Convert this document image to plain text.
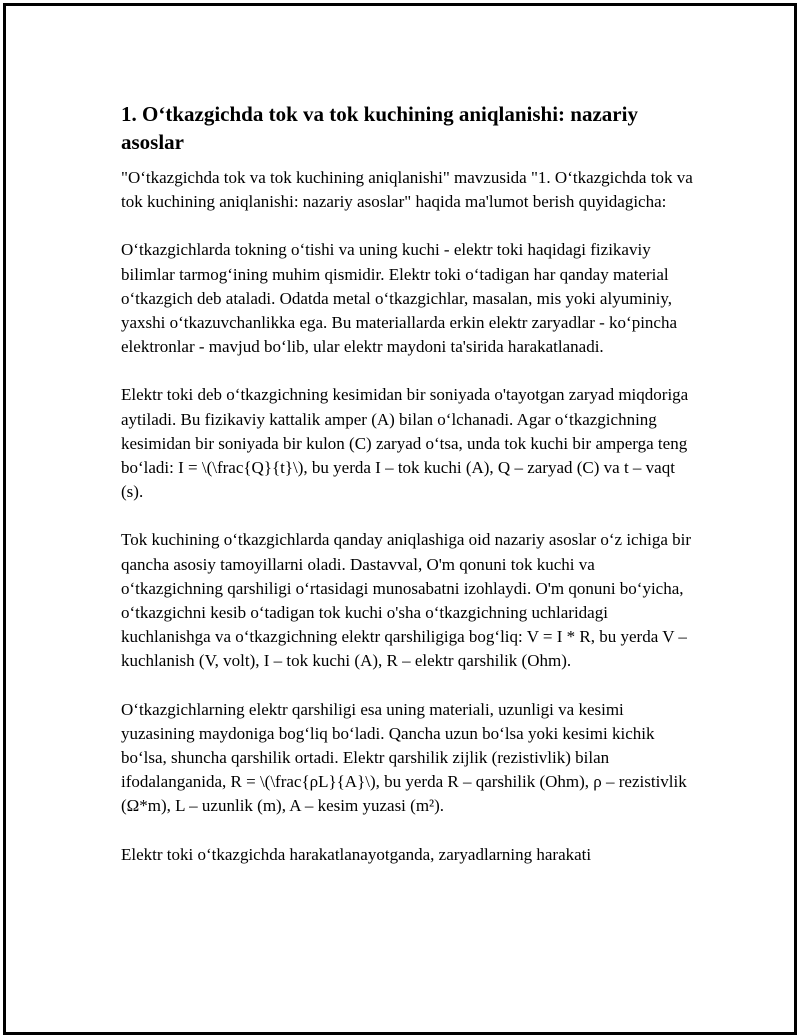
1. O‘tkazgichda tok va tok kuchining aniqlanishi: nazariy asoslar

"O‘tkazgichda tok va tok kuchining aniqlanishi" mavzusida "1. O‘tkazgichda tok va tok kuchining aniqlanishi: nazariy asoslar" haqida ma'lumot berish quyidagicha:

O‘tkazgichlarda tokning o‘tishi va uning kuchi - elektr toki haqidagi fizikaviy bilimlar tarmog‘ining muhim qismidir. Elektr toki o‘tadigan har qanday material o‘tkazgich deb ataladi. Odatda metal o‘tkazgichlar, masalan, mis yoki alyuminiy, yaxshi o‘tkazuvchanlikka ega. Bu materiallarda erkin elektr zaryadlar - ko‘pincha elektronlar - mavjud bo‘lib, ular elektr maydoni ta'sirida harakatlanadi.

Elektr toki deb o‘tkazgichning kesimidan bir soniyada o'tayotgan zaryad miqdoriga aytiladi. Bu fizikaviy kattalik amper (A) bilan o‘lchanadi. Agar o‘tkazgichning kesimidan bir soniyada bir kulon (C) zaryad o‘tsa, unda tok kuchi bir amperga teng bo‘ladi: I = \(\frac{Q}{t}\), bu yerda I – tok kuchi (A), Q – zaryad (C) va t – vaqt (s).

Tok kuchining o‘tkazgichlarda qanday aniqlashiga oid nazariy asoslar o‘z ichiga bir qancha asosiy tamoyillarni oladi. Dastavval, O'm qonuni tok kuchi va o‘tkazgichning qarshiligi o‘rtasidagi munosabatni izohlaydi. O'm qonuni bo‘yicha, o‘tkazgichni kesib o‘tadigan tok kuchi o'sha o‘tkazgichning uchlaridagi kuchlanishga va o‘tkazgichning elektr qarshiligiga bog‘liq: V = I * R, bu yerda V – kuchlanish (V, volt), I – tok kuchi (A), R – elektr qarshilik (Ohm).

O‘tkazgichlarning elektr qarshiligi esa uning materiali, uzunligi va kesimi yuzasining maydoniga bog‘liq bo‘ladi. Qancha uzun bo‘lsa yoki kesimi kichik bo‘lsa, shuncha qarshilik ortadi. Elektr qarshilik zijlik (rezistivlik) bilan ifodalanganida, R = \(\frac{ρL}{A}\), bu yerda R – qarshilik (Ohm), ρ – rezistivlik (Ω*m), L – uzunlik (m), A – kesim yuzasi (m²).

Elektr toki o‘tkazgichda harakatlanayotganda, zaryadlarning harakati
